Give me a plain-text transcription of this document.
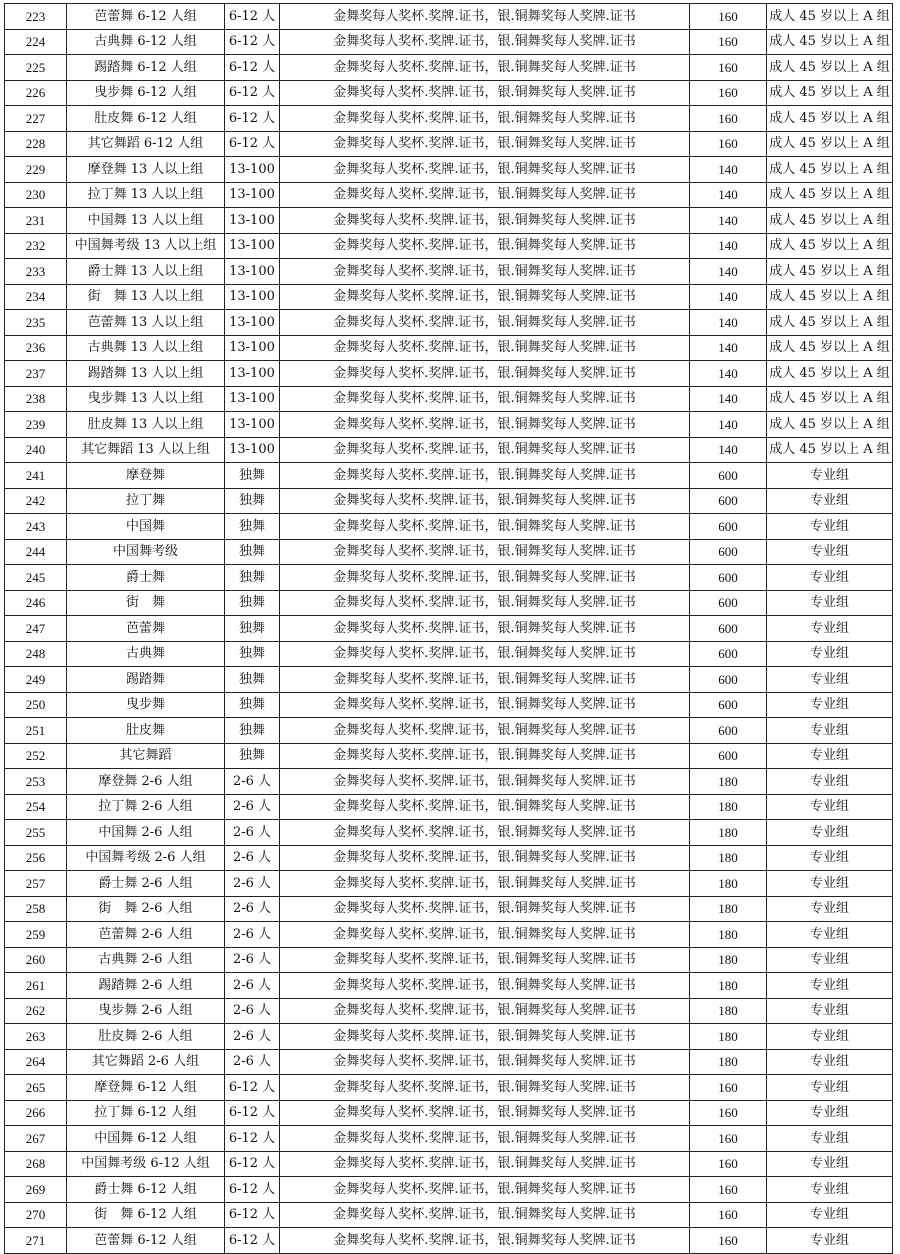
223	芭蕾舞 6-12 人组	6-12 人	金舞奖每人奖杯.奖牌.证书，银.铜舞奖每人奖牌.证书	160	成人 45 岁以上 A 组
224	古典舞 6-12 人组	6-12 人	金舞奖每人奖杯.奖牌.证书，银.铜舞奖每人奖牌.证书	160	成人 45 岁以上 A 组
225	踢踏舞 6-12 人组	6-12 人	金舞奖每人奖杯.奖牌.证书，银.铜舞奖每人奖牌.证书	160	成人 45 岁以上 A 组
226	曳步舞 6-12 人组	6-12 人	金舞奖每人奖杯.奖牌.证书，银.铜舞奖每人奖牌.证书	160	成人 45 岁以上 A 组
227	肚皮舞 6-12 人组	6-12 人	金舞奖每人奖杯.奖牌.证书，银.铜舞奖每人奖牌.证书	160	成人 45 岁以上 A 组
228	其它舞蹈 6-12 人组	6-12 人	金舞奖每人奖杯.奖牌.证书，银.铜舞奖每人奖牌.证书	160	成人 45 岁以上 A 组
229	摩登舞 13 人以上组	13-100	金舞奖每人奖杯.奖牌.证书，银.铜舞奖每人奖牌.证书	140	成人 45 岁以上 A 组
230	拉丁舞 13 人以上组	13-100	金舞奖每人奖杯.奖牌.证书，银.铜舞奖每人奖牌.证书	140	成人 45 岁以上 A 组
231	中国舞 13 人以上组	13-100	金舞奖每人奖杯.奖牌.证书，银.铜舞奖每人奖牌.证书	140	成人 45 岁以上 A 组
232	中国舞考级 13 人以上组	13-100	金舞奖每人奖杯.奖牌.证书，银.铜舞奖每人奖牌.证书	140	成人 45 岁以上 A 组
233	爵士舞 13 人以上组	13-100	金舞奖每人奖杯.奖牌.证书，银.铜舞奖每人奖牌.证书	140	成人 45 岁以上 A 组
234	街　舞 13 人以上组	13-100	金舞奖每人奖杯.奖牌.证书，银.铜舞奖每人奖牌.证书	140	成人 45 岁以上 A 组
235	芭蕾舞 13 人以上组	13-100	金舞奖每人奖杯.奖牌.证书，银.铜舞奖每人奖牌.证书	140	成人 45 岁以上 A 组
236	古典舞 13 人以上组	13-100	金舞奖每人奖杯.奖牌.证书，银.铜舞奖每人奖牌.证书	140	成人 45 岁以上 A 组
237	踢踏舞 13 人以上组	13-100	金舞奖每人奖杯.奖牌.证书，银.铜舞奖每人奖牌.证书	140	成人 45 岁以上 A 组
238	曳步舞 13 人以上组	13-100	金舞奖每人奖杯.奖牌.证书，银.铜舞奖每人奖牌.证书	140	成人 45 岁以上 A 组
239	肚皮舞 13 人以上组	13-100	金舞奖每人奖杯.奖牌.证书，银.铜舞奖每人奖牌.证书	140	成人 45 岁以上 A 组
240	其它舞蹈 13 人以上组	13-100	金舞奖每人奖杯.奖牌.证书，银.铜舞奖每人奖牌.证书	140	成人 45 岁以上 A 组
241	摩登舞	独舞	金舞奖每人奖杯.奖牌.证书，银.铜舞奖每人奖牌.证书	600	专业组
242	拉丁舞	独舞	金舞奖每人奖杯.奖牌.证书，银.铜舞奖每人奖牌.证书	600	专业组
243	中国舞	独舞	金舞奖每人奖杯.奖牌.证书，银.铜舞奖每人奖牌.证书	600	专业组
244	中国舞考级	独舞	金舞奖每人奖杯.奖牌.证书，银.铜舞奖每人奖牌.证书	600	专业组
245	爵士舞	独舞	金舞奖每人奖杯.奖牌.证书，银.铜舞奖每人奖牌.证书	600	专业组
246	街　舞	独舞	金舞奖每人奖杯.奖牌.证书，银.铜舞奖每人奖牌.证书	600	专业组
247	芭蕾舞	独舞	金舞奖每人奖杯.奖牌.证书，银.铜舞奖每人奖牌.证书	600	专业组
248	古典舞	独舞	金舞奖每人奖杯.奖牌.证书，银.铜舞奖每人奖牌.证书	600	专业组
249	踢踏舞	独舞	金舞奖每人奖杯.奖牌.证书，银.铜舞奖每人奖牌.证书	600	专业组
250	曳步舞	独舞	金舞奖每人奖杯.奖牌.证书，银.铜舞奖每人奖牌.证书	600	专业组
251	肚皮舞	独舞	金舞奖每人奖杯.奖牌.证书，银.铜舞奖每人奖牌.证书	600	专业组
252	其它舞蹈	独舞	金舞奖每人奖杯.奖牌.证书，银.铜舞奖每人奖牌.证书	600	专业组
253	摩登舞 2-6 人组	2-6 人	金舞奖每人奖杯.奖牌.证书，银.铜舞奖每人奖牌.证书	180	专业组
254	拉丁舞 2-6 人组	2-6 人	金舞奖每人奖杯.奖牌.证书，银.铜舞奖每人奖牌.证书	180	专业组
255	中国舞 2-6 人组	2-6 人	金舞奖每人奖杯.奖牌.证书，银.铜舞奖每人奖牌.证书	180	专业组
256	中国舞考级 2-6 人组	2-6 人	金舞奖每人奖杯.奖牌.证书，银.铜舞奖每人奖牌.证书	180	专业组
257	爵士舞 2-6 人组	2-6 人	金舞奖每人奖杯.奖牌.证书，银.铜舞奖每人奖牌.证书	180	专业组
258	街　舞 2-6 人组	2-6 人	金舞奖每人奖杯.奖牌.证书，银.铜舞奖每人奖牌.证书	180	专业组
259	芭蕾舞 2-6 人组	2-6 人	金舞奖每人奖杯.奖牌.证书，银.铜舞奖每人奖牌.证书	180	专业组
260	古典舞 2-6 人组	2-6 人	金舞奖每人奖杯.奖牌.证书，银.铜舞奖每人奖牌.证书	180	专业组
261	踢踏舞 2-6 人组	2-6 人	金舞奖每人奖杯.奖牌.证书，银.铜舞奖每人奖牌.证书	180	专业组
262	曳步舞 2-6 人组	2-6 人	金舞奖每人奖杯.奖牌.证书，银.铜舞奖每人奖牌.证书	180	专业组
263	肚皮舞 2-6 人组	2-6 人	金舞奖每人奖杯.奖牌.证书，银.铜舞奖每人奖牌.证书	180	专业组
264	其它舞蹈 2-6 人组	2-6 人	金舞奖每人奖杯.奖牌.证书，银.铜舞奖每人奖牌.证书	180	专业组
265	摩登舞 6-12 人组	6-12 人	金舞奖每人奖杯.奖牌.证书，银.铜舞奖每人奖牌.证书	160	专业组
266	拉丁舞 6-12 人组	6-12 人	金舞奖每人奖杯.奖牌.证书，银.铜舞奖每人奖牌.证书	160	专业组
267	中国舞 6-12 人组	6-12 人	金舞奖每人奖杯.奖牌.证书，银.铜舞奖每人奖牌.证书	160	专业组
268	中国舞考级 6-12 人组	6-12 人	金舞奖每人奖杯.奖牌.证书，银.铜舞奖每人奖牌.证书	160	专业组
269	爵士舞 6-12 人组	6-12 人	金舞奖每人奖杯.奖牌.证书，银.铜舞奖每人奖牌.证书	160	专业组
270	街　舞 6-12 人组	6-12 人	金舞奖每人奖杯.奖牌.证书，银.铜舞奖每人奖牌.证书	160	专业组
271	芭蕾舞 6-12 人组	6-12 人	金舞奖每人奖杯.奖牌.证书，银.铜舞奖每人奖牌.证书	160	专业组
